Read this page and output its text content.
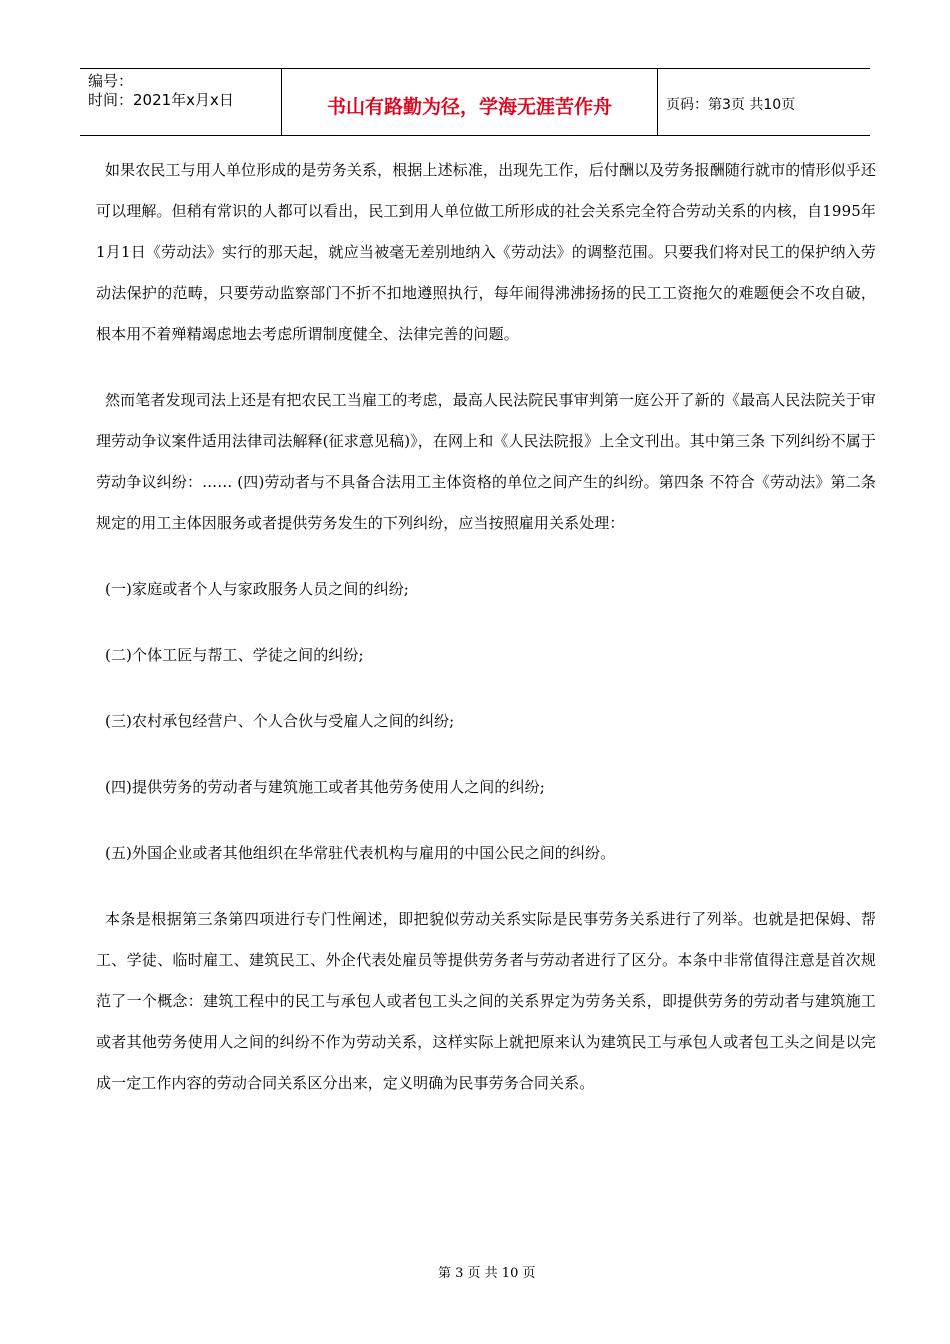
编号：
时间：2021年x月x日	书山有路勤为径，学海无涯苦作舟	页码：第3页 共10页

如果农民工与用人单位形成的是劳务关系，根据上述标准，出现先工作，后付酬以及劳务报酬随行就市的情形似乎还可以理解。但稍有常识的人都可以看出，民工到用人单位做工所形成的社会关系完全符合劳动关系的内核，自1995年1月1日《劳动法》实行的那天起，就应当被毫无差别地纳入《劳动法》的调整范围。只要我们将对民工的保护纳入劳动法保护的范畴，只要劳动监察部门不折不扣地遵照执行，每年闹得沸沸扬扬的民工工资拖欠的难题便会不攻自破，根本用不着殚精竭虑地去考虑所谓制度健全、法律完善的问题。

然而笔者发现司法上还是有把农民工当雇工的考虑，最高人民法院民事审判第一庭公开了新的《最高人民法院关于审理劳动争议案件适用法律司法解释(征求意见稿)》，在网上和《人民法院报》上全文刊出。其中第三条 下列纠纷不属于劳动争议纠纷：…… (四)劳动者与不具备合法用工主体资格的单位之间产生的纠纷。第四条 不符合《劳动法》第二条规定的用工主体因服务或者提供劳务发生的下列纠纷，应当按照雇用关系处理：

(一)家庭或者个人与家政服务人员之间的纠纷;

(二)个体工匠与帮工、学徒之间的纠纷;

(三)农村承包经营户、个人合伙与受雇人之间的纠纷;

(四)提供劳务的劳动者与建筑施工或者其他劳务使用人之间的纠纷;

(五)外国企业或者其他组织在华常驻代表机构与雇用的中国公民之间的纠纷。

本条是根据第三条第四项进行专门性阐述，即把貌似劳动关系实际是民事劳务关系进行了列举。也就是把保姆、帮工、学徒、临时雇工、建筑民工、外企代表处雇员等提供劳务者与劳动者进行了区分。本条中非常值得注意是首次规范了一个概念：建筑工程中的民工与承包人或者包工头之间的关系界定为劳务关系，即提供劳务的劳动者与建筑施工或者其他劳务使用人之间的纠纷不作为劳动关系，这样实际上就把原来认为建筑民工与承包人或者包工头之间是以完成一定工作内容的劳动合同关系区分出来，定义明确为民事劳务合同关系。

第 3 页 共 10 页
